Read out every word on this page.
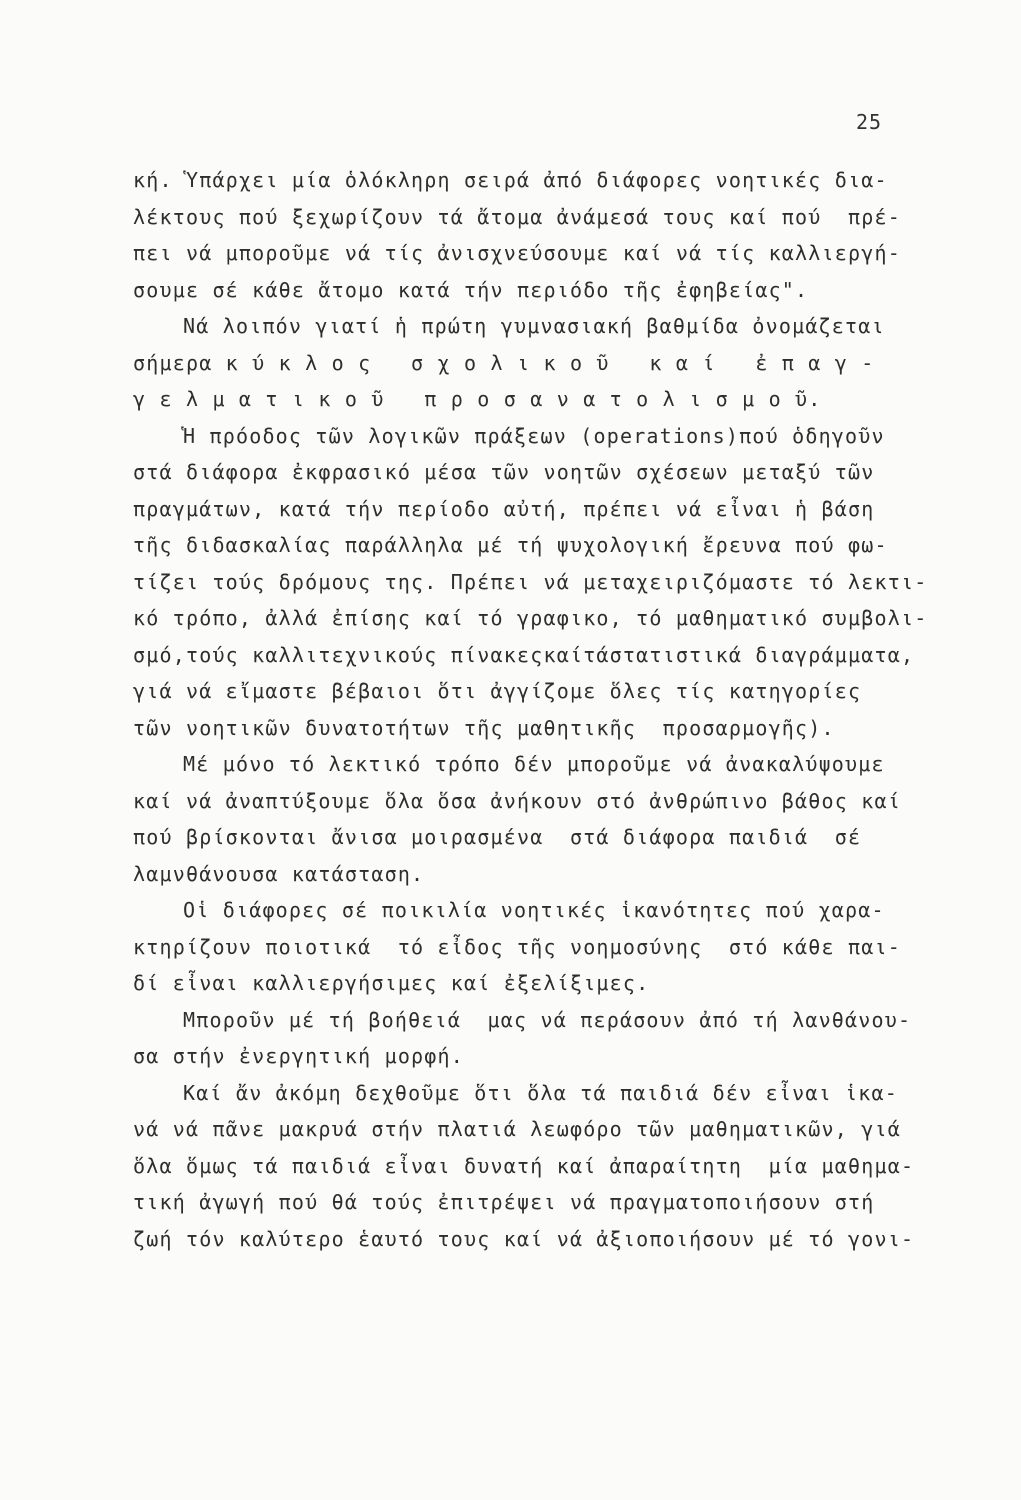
25
κή. Ὑπάρχει μία ὁλόκληρη σειρά ἀπό διάφορες νοητικές δια-
λέκτους πού ξεχωρίζουν τά ἄτομα ἀνάμεσά τους καί πού  πρέ-
πει νά μποροῦμε νά τίς ἀνισχνεύσουμε καί νά τίς καλλιεργή-
σουμε σέ κάθε ἄτομο κατά τήν περιόδο τῆς ἐφηβείας".
Νά λοιπόν γιατί ἡ πρώτη γυμνασιακή βαθμίδα ὀνομάζεται
σήμερα κ ύ κ λ ο ς   σ χ ο λ ι κ ο ῦ   κ α ί   ἐ π α γ -
γ ε λ μ α τ ι κ ο ῦ   π ρ ο σ α ν α τ ο λ ι σ μ ο ῦ.
Ἡ πρόοδος τῶν λογικῶν πράξεων (operations)πού ὁδηγοῦν
στά διάφορα ἐκφρασικό μέσα τῶν νοητῶν σχέσεων μεταξύ τῶν
πραγμάτων, κατά τήν περίοδο αὐτή, πρέπει νά εἶναι ἡ βάση
τῆς διδασκαλίας παράλληλα μέ τή ψυχολογική ἔρευνα πού φω-
τίζει τούς δρόμους της. Πρέπει νά μεταχειριζόμαστε τό λεκτι-
κό τρόπο, ἀλλά ἐπίσης καί τό γραφικο, τό μαθηματικό συμβολι-
σμό,τούς καλλιτεχνικούς πίνακεςκαίτάστατιστικά διαγράμματα,
γιά νά εἴμαστε βέβαιοι ὅτι ἀγγίζομε ὅλες τίς κατηγορίες
τῶν νοητικῶν δυνατοτήτων τῆς μαθητικῆς  προσαρμογῆς).
Μέ μόνο τό λεκτικό τρόπο δέν μποροῦμε νά ἀνακαλύψουμε
καί νά ἀναπτύξουμε ὅλα ὅσα ἀνήκουν στό ἀνθρώπινο βάθος καί
πού βρίσκονται ἄνισα μοιρασμένα  στά διάφορα παιδιά  σέ
λαμνθάνουσα κατάσταση.
Οἱ διάφορες σέ ποικιλία νοητικές ἱκανότητες πού χαρα-
κτηρίζουν ποιοτικά  τό εἶδος τῆς νοημοσύνης  στό κάθε παι-
δί εἶναι καλλιεργήσιμες καί ἐξελίξιμες.
Μποροῦν μέ τή βοήθειά  μας νά περάσουν ἀπό τή λανθάνου-
σα στήν ἐνεργητική μορφή.
Καί ἄν ἀκόμη δεχθοῦμε ὅτι ὅλα τά παιδιά δέν εἶναι ἱκα-
νά νά πᾶνε μακρυά στήν πλατιά λεωφόρο τῶν μαθηματικῶν, γιά
ὅλα ὅμως τά παιδιά εἶναι δυνατή καί ἀπαραίτητη  μία μαθημα-
τική ἀγωγή πού θά τούς ἐπιτρέψει νά πραγματοποιήσουν στή
ζωή τόν καλύτερο ἑαυτό τους καί νά ἀξιοποιήσουν μέ τό γονι-
